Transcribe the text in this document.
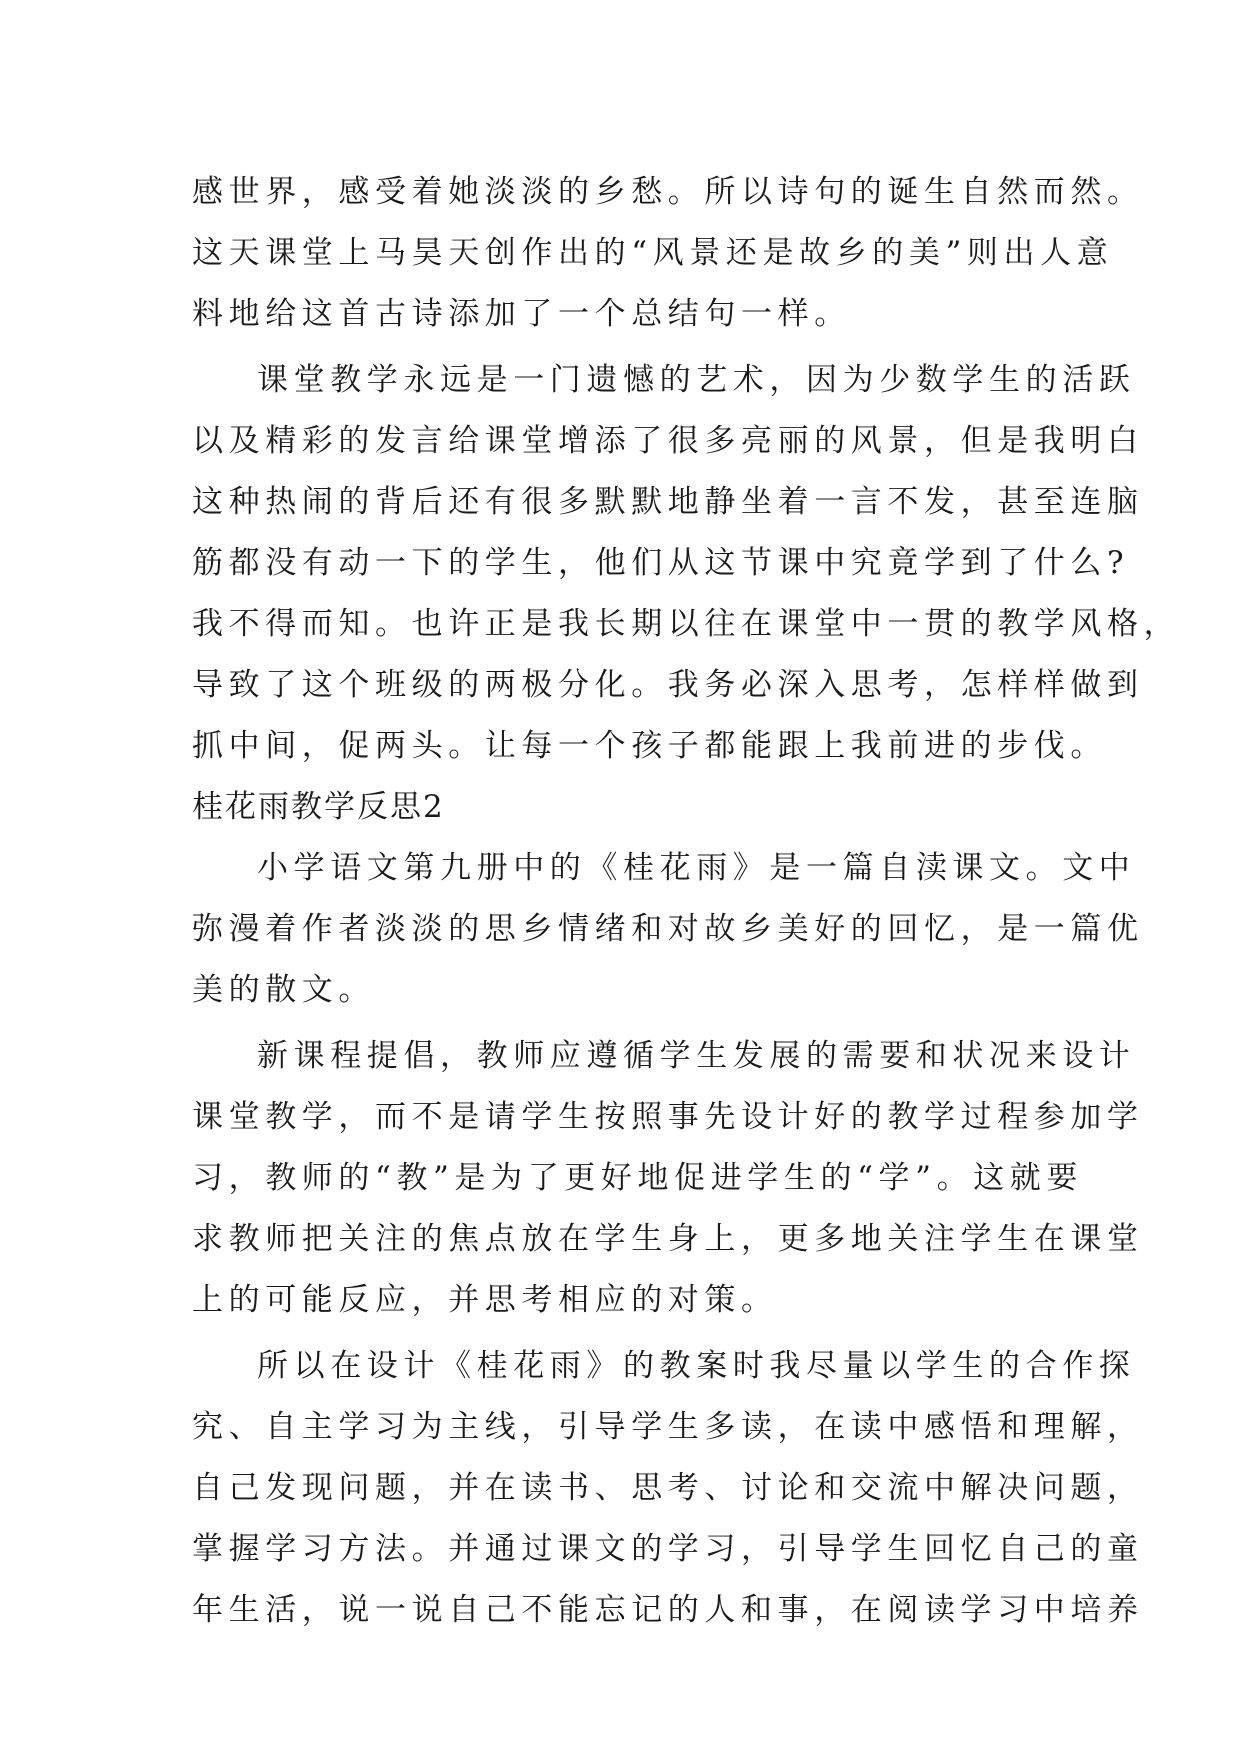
感世界，感受着她淡淡的乡愁。所以诗句的诞生自然而然。
这天课堂上马昊天创作出的“风景还是故乡的美”则出人意
料地给这首古诗添加了一个总结句一样。
课堂教学永远是一门遗憾的艺术，因为少数学生的活跃
以及精彩的发言给课堂增添了很多亮丽的风景，但是我明白
这种热闹的背后还有很多默默地静坐着一言不发，甚至连脑
筋都没有动一下的学生，他们从这节课中究竟学到了什么?
我不得而知。也许正是我长期以往在课堂中一贯的教学风格，
导致了这个班级的两极分化。我务必深入思考，怎样样做到
抓中间，促两头。让每一个孩子都能跟上我前进的步伐。
桂花雨教学反思2
小学语文第九册中的《桂花雨》是一篇自渎课文。文中
弥漫着作者淡淡的思乡情绪和对故乡美好的回忆，是一篇优
美的散文。
新课程提倡，教师应遵循学生发展的需要和状况来设计
课堂教学，而不是请学生按照事先设计好的教学过程参加学
习，教师的“教”是为了更好地促进学生的“学”。这就要
求教师把关注的焦点放在学生身上，更多地关注学生在课堂
上的可能反应，并思考相应的对策。
所以在设计《桂花雨》的教案时我尽量以学生的合作探
究、自主学习为主线，引导学生多读，在读中感悟和理解，
自己发现问题，并在读书、思考、讨论和交流中解决问题，
掌握学习方法。并通过课文的学习，引导学生回忆自己的童
年生活，说一说自己不能忘记的人和事，在阅读学习中培养
